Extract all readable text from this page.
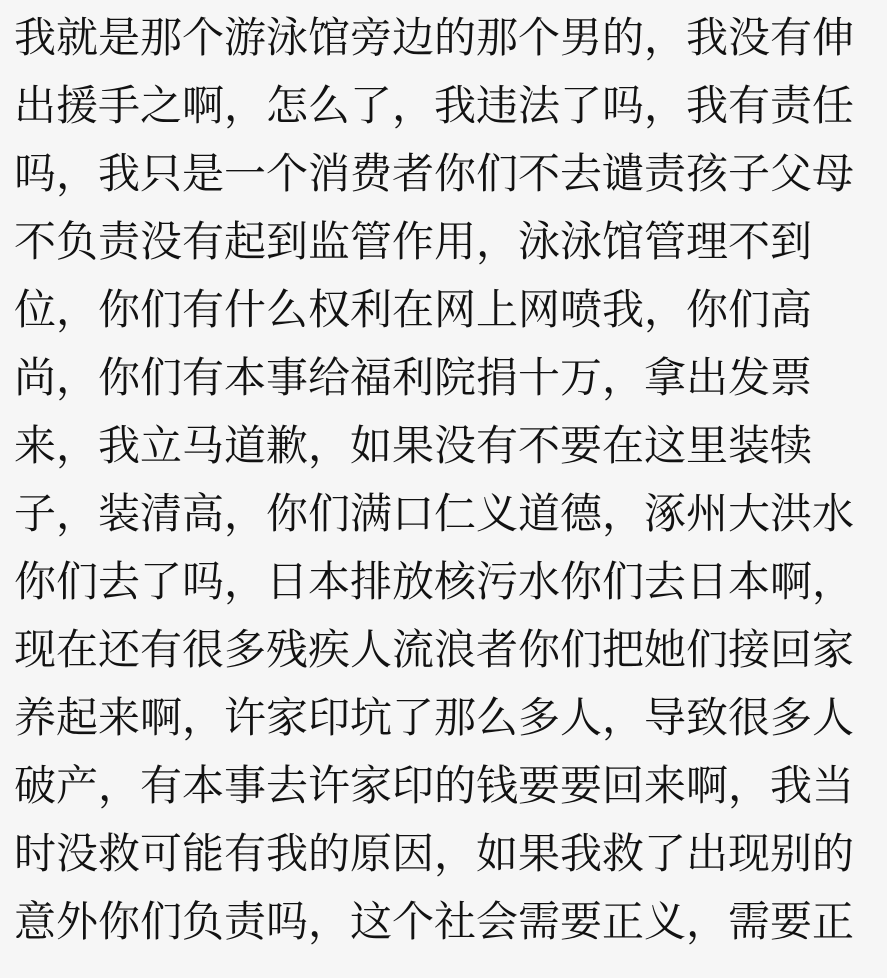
我就是那个游泳馆旁边的那个男的，我没有伸
出援手之啊，怎么了，我违法了吗，我有责任
吗，我只是一个消费者你们不去谴责孩子父母
不负责没有起到监管作用，泳泳馆管理不到
位，你们有什么权利在网上网喷我，你们高
尚，你们有本事给福利院捐十万，拿出发票
来，我立马道歉，如果没有不要在这里装犊
子，装清高，你们满口仁义道德，涿州大洪水
你们去了吗，日本排放核污水你们去日本啊，
现在还有很多残疾人流浪者你们把她们接回家
养起来啊，许家印坑了那么多人，导致很多人
破产，有本事去许家印的钱要要回来啊，我当
时没救可能有我的原因，如果我救了出现别的
意外你们负责吗，这个社会需要正义，需要正
